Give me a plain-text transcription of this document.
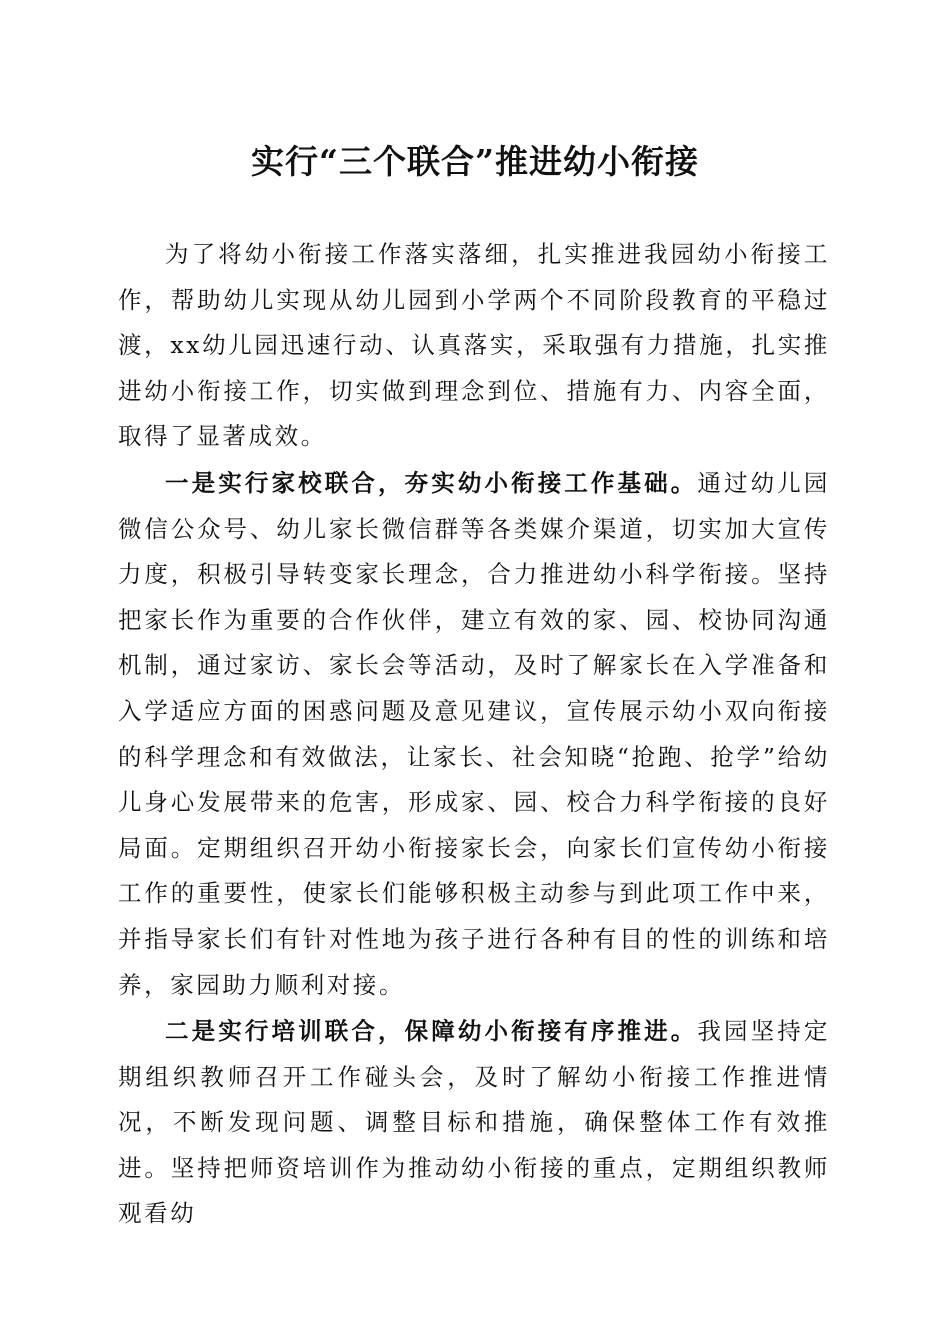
实行“三个联合”推进幼小衔接

为了将幼小衔接工作落实落细，扎实推进我园幼小衔接工作，帮助幼儿实现从幼儿园到小学两个不同阶段教育的平稳过渡，xx幼儿园迅速行动、认真落实，采取强有力措施，扎实推进幼小衔接工作，切实做到理念到位、措施有力、内容全面，取得了显著成效。

一是实行家校联合，夯实幼小衔接工作基础。通过幼儿园微信公众号、幼儿家长微信群等各类媒介渠道，切实加大宣传力度，积极引导转变家长理念，合力推进幼小科学衔接。坚持把家长作为重要的合作伙伴，建立有效的家、园、校协同沟通机制，通过家访、家长会等活动，及时了解家长在入学准备和入学适应方面的困惑问题及意见建议，宣传展示幼小双向衔接的科学理念和有效做法，让家长、社会知晓“抢跑、抢学”给幼儿身心发展带来的危害，形成家、园、校合力科学衔接的良好局面。定期组织召开幼小衔接家长会，向家长们宣传幼小衔接工作的重要性，使家长们能够积极主动参与到此项工作中来，并指导家长们有针对性地为孩子进行各种有目的性的训练和培养，家园助力顺利对接。

二是实行培训联合，保障幼小衔接有序推进。我园坚持定期组织教师召开工作碰头会，及时了解幼小衔接工作推进情况，不断发现问题、调整目标和措施，确保整体工作有效推进。坚持把师资培训作为推动幼小衔接的重点，定期组织教师观看幼
